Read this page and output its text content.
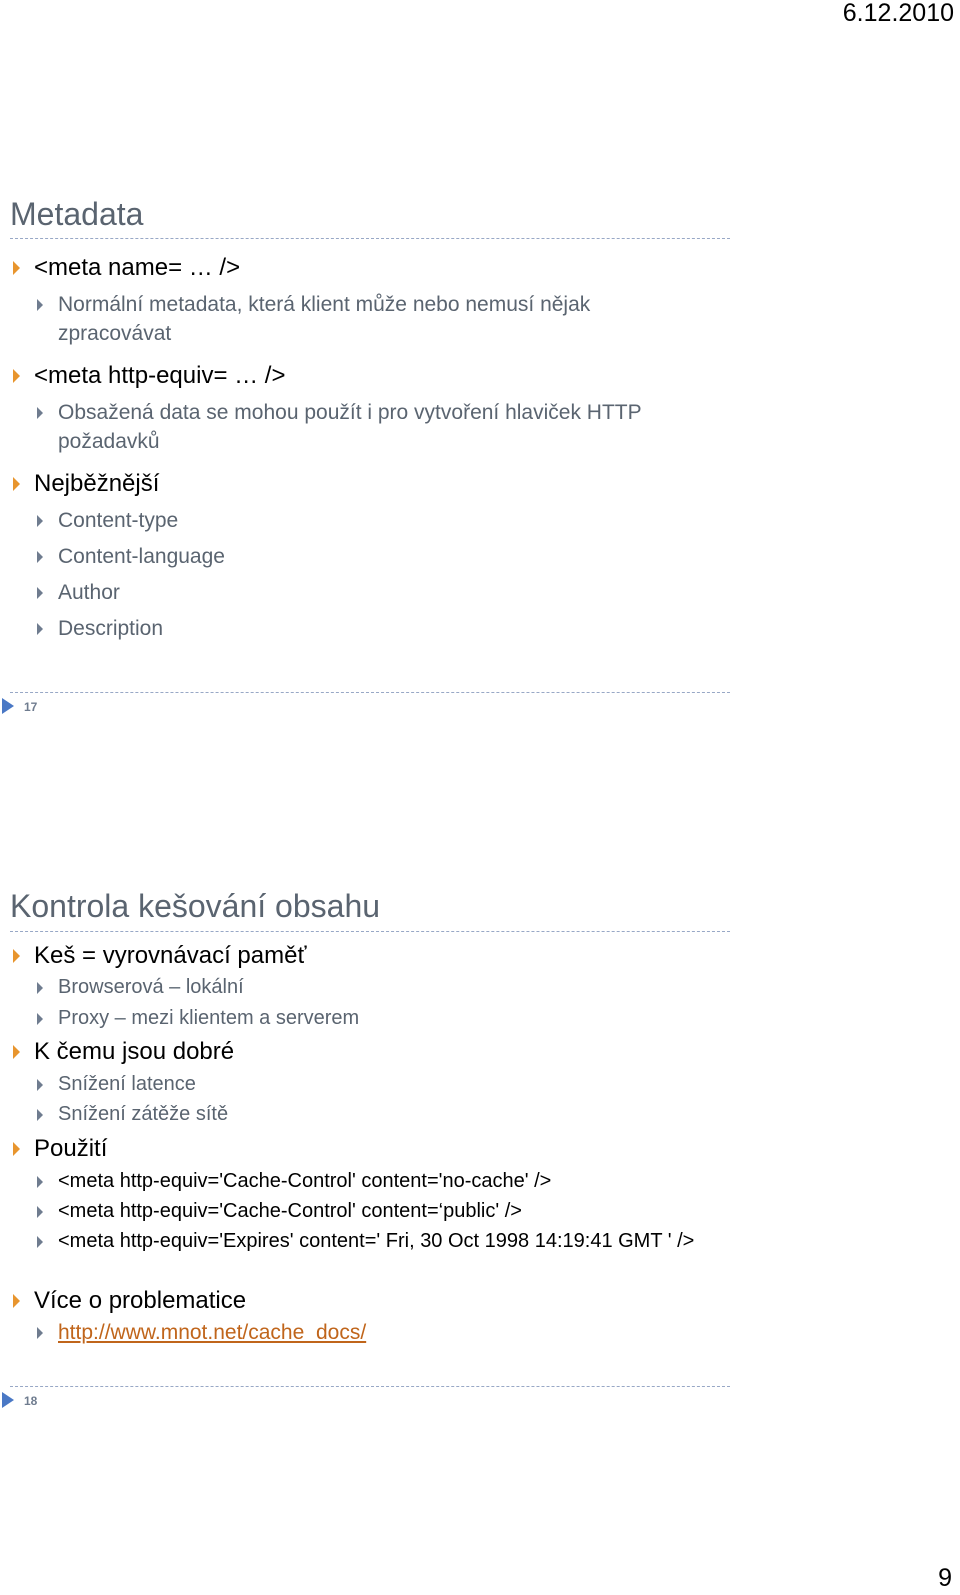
6.12.2010
Metadata
<meta name= … />
Normální metadata, která klient může nebo nemusí nějak zpracovávat
<meta http-equiv= … />
Obsažená data se mohou použít i pro vytvoření hlaviček HTTP požadavků
Nejběžnější
Content-type
Content-language
Author
Description
17
Kontrola kešování obsahu
Keš = vyrovnávací paměť
Browserová – lokální
Proxy – mezi klientem a serverem
K čemu jsou dobré
Snížení latence
Snížení zátěže sítě
Použití
<meta http-equiv='Cache-Control' content='no-cache' />
<meta http-equiv='Cache-Control' content=‘public' />
<meta http-equiv='Expires' content=' Fri, 30 Oct 1998 14:19:41 GMT ' />
Více o problematice
http://www.mnot.net/cache_docs/
18
9
